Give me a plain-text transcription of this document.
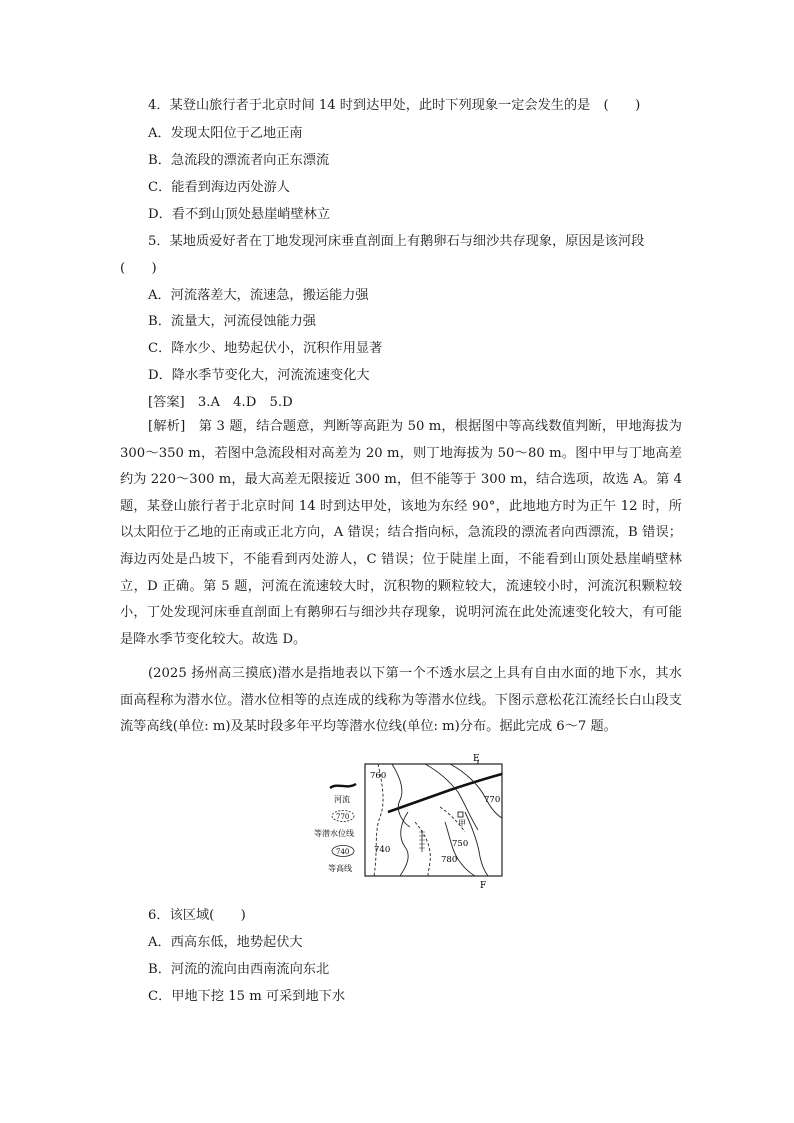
4．某登山旅行者于北京时间 14 时到达甲处，此时下列现象一定会发生的是　(　　)
A．发现太阳位于乙地正南
B．急流段的漂流者向正东漂流
C．能看到海边丙处游人
D．看不到山顶处悬崖峭壁林立
5．某地质爱好者在丁地发现河床垂直剖面上有鹅卵石与细沙共存现象，原因是该河段
(　　)
A．河流落差大，流速急，搬运能力强
B．流量大，河流侵蚀能力强
C．降水少、地势起伏小，沉积作用显著
D．降水季节变化大，河流流速变化大
[答案]　3.A　4.D　5.D
[解析]　第 3 题，结合题意，判断等高距为 50 m，根据图中等高线数值判断，甲地海拔为 300～350 m，若图中急流段相对高差为 20 m，则丁地海拔为 50～80 m。图中甲与丁地高差约为 220～300 m，最大高差无限接近 300 m，但不能等于 300 m，结合选项，故选 A。第 4 题，某登山旅行者于北京时间 14 时到达甲处，该地为东经 90°，此地地方时为正午 12 时，所以太阳位于乙地的正南或正北方向，A 错误；结合指向标，急流段的漂流者向西漂流，B 错误；海边丙处是凸坡下，不能看到丙处游人，C 错误；位于陡崖上面，不能看到山顶处悬崖峭壁林立，D 正确。第 5 题，河流在流速较大时，沉积物的颗粒较大，流速较小时，河流沉积颗粒较小，丁处发现河床垂直剖面上有鹅卵石与细沙共存现象，说明河流在此处流速变化较大，有可能是降水季节变化较大。故选 D。
(2025 扬州高三摸底)潜水是指地表以下第一个不透水层之上具有自由水面的地下水，其水面高程称为潜水位。潜水位相等的点连成的线称为等潜水位线。下图示意松花江流经长白山段支流等高线(单位: m)及某时段多年平均等潜水位线(单位: m)分布。据此完成 6～7 题。
E
F
甲
760
770
740
750
780
河流
770
等潜水位线
740
等高线
6．该区域(　　)
A．西高东低，地势起伏大
B．河流的流向由西南流向东北
C．甲地下挖 15 m 可采到地下水
